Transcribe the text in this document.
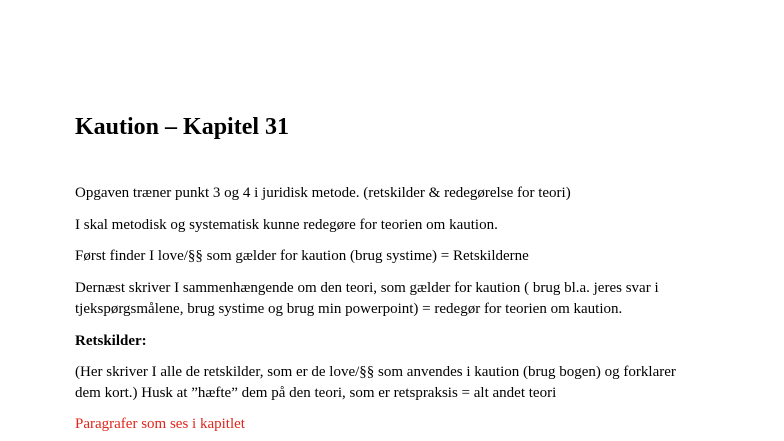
Kaution – Kapitel 31
Opgaven træner punkt 3 og 4 i juridisk metode. (retskilder & redegørelse for teori)
I skal metodisk og systematisk kunne redegøre for teorien om kaution.
Først finder I love/§§ som gælder for kaution (brug systime) = Retskilderne
Dernæst skriver I sammenhængende om den teori, som gælder for kaution ( brug bl.a. jeres svar i
tjekspørgsmålene, brug systime og brug min powerpoint) = redegør for teorien om kaution.
Retskilder:
(Her skriver I alle de retskilder, som er de love/§§ som anvendes i kaution (brug bogen) og forklarer
dem kort.) Husk at ”hæfte” dem på den teori, som er retspraksis = alt andet teori
Paragrafer som ses i kapitlet
